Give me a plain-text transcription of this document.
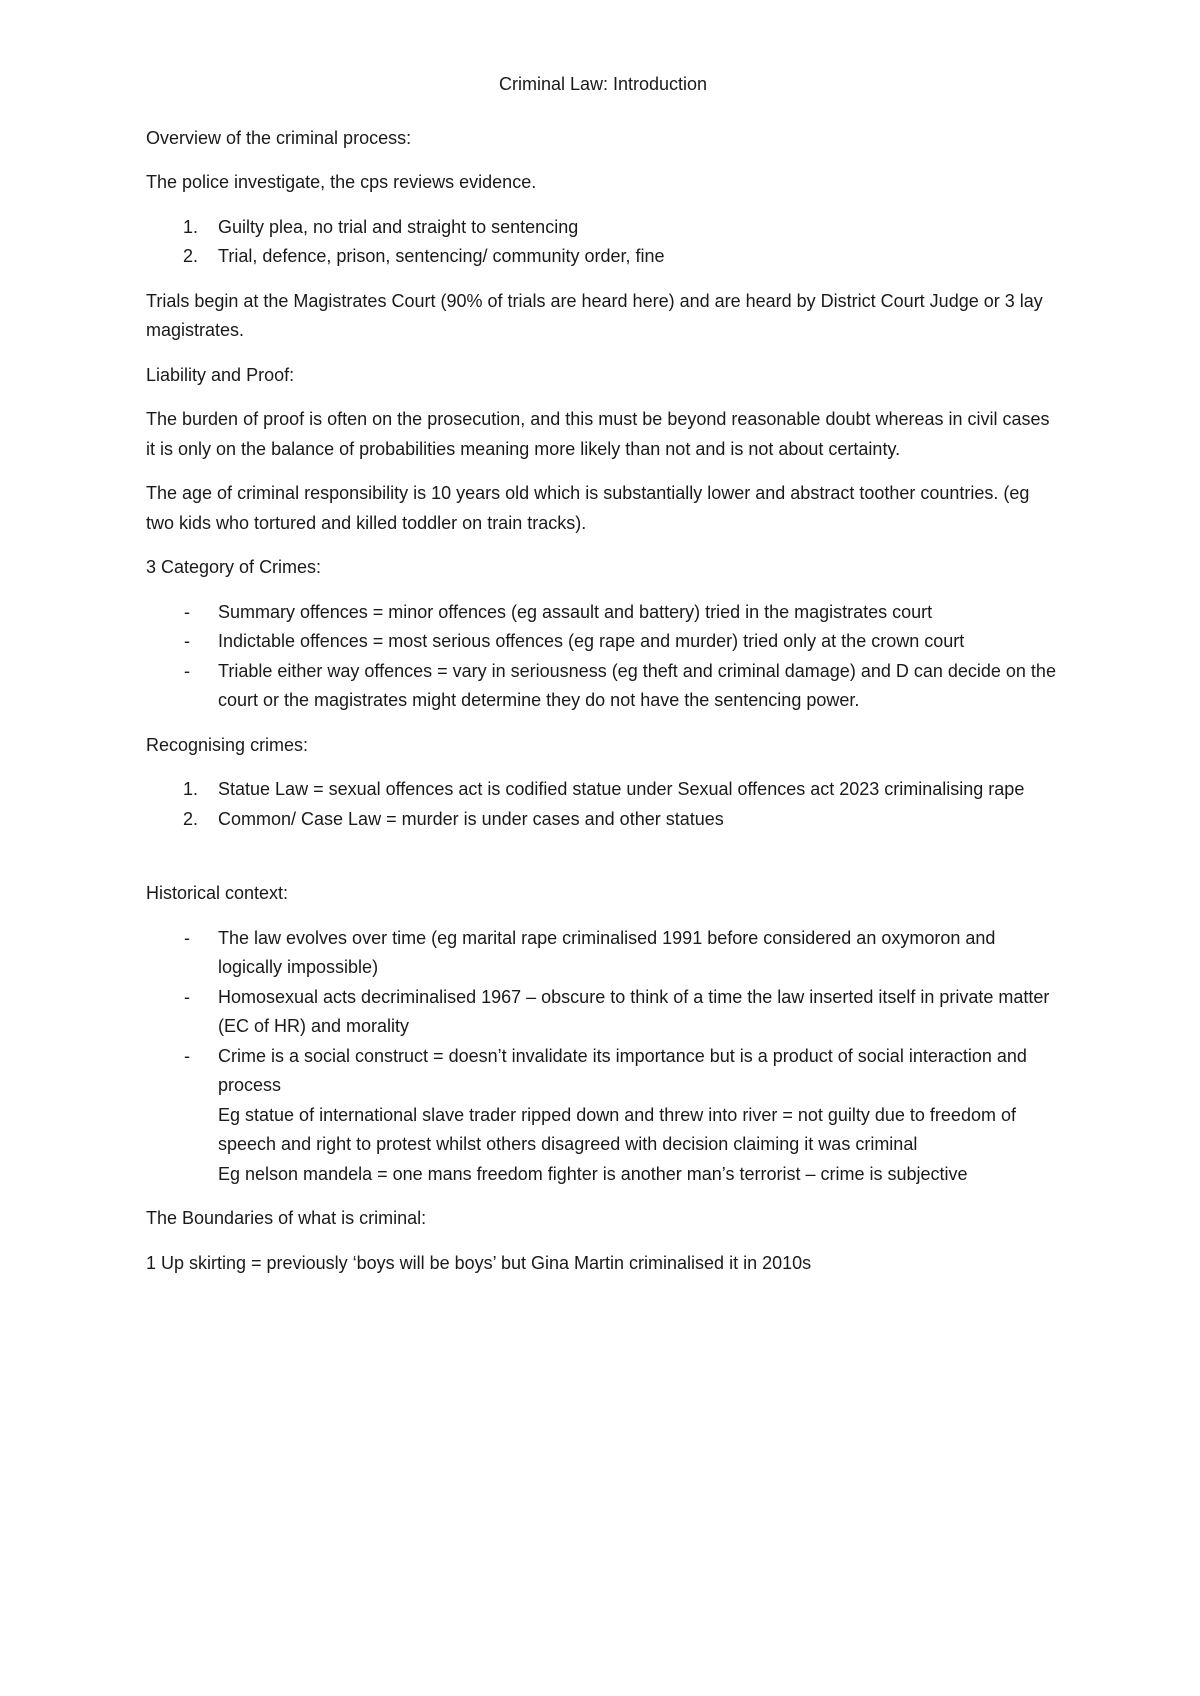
Criminal Law: Introduction

Overview of the criminal process:

The police investigate, the cps reviews evidence.

1. Guilty plea, no trial and straight to sentencing
2. Trial, defence, prison, sentencing/ community order, fine

Trials begin at the Magistrates Court (90% of trials are heard here) and are heard by District Court Judge or 3 lay magistrates.

Liability and Proof:

The burden of proof is often on the prosecution, and this must be beyond reasonable doubt whereas in civil cases it is only on the balance of probabilities meaning more likely than not and is not about certainty.

The age of criminal responsibility is 10 years old which is substantially lower and abstract toother countries. (eg two kids who tortured and killed toddler on train tracks).

3 Category of Crimes:

- Summary offences = minor offences (eg assault and battery) tried in the magistrates court
- Indictable offences = most serious offences (eg rape and murder) tried only at the crown court
- Triable either way offences = vary in seriousness (eg theft and criminal damage) and D can decide on the court or the magistrates might determine they do not have the sentencing power.

Recognising crimes:

1. Statue Law = sexual offences act is codified statue under Sexual offences act 2023 criminalising rape
2. Common/ Case Law = murder is under cases and other statues

Historical context:

- The law evolves over time (eg marital rape criminalised 1991 before considered an oxymoron and logically impossible)
- Homosexual acts decriminalised 1967 – obscure to think of a time the law inserted itself in private matter (EC of HR) and morality
- Crime is a social construct = doesn’t invalidate its importance but is a product of social interaction and process
Eg statue of international slave trader ripped down and threw into river = not guilty due to freedom of speech and right to protest whilst others disagreed with decision claiming it was criminal
Eg nelson mandela = one mans freedom fighter is another man’s terrorist – crime is subjective

The Boundaries of what is criminal:

1 Up skirting = previously ‘boys will be boys’ but Gina Martin criminalised it in 2010s
